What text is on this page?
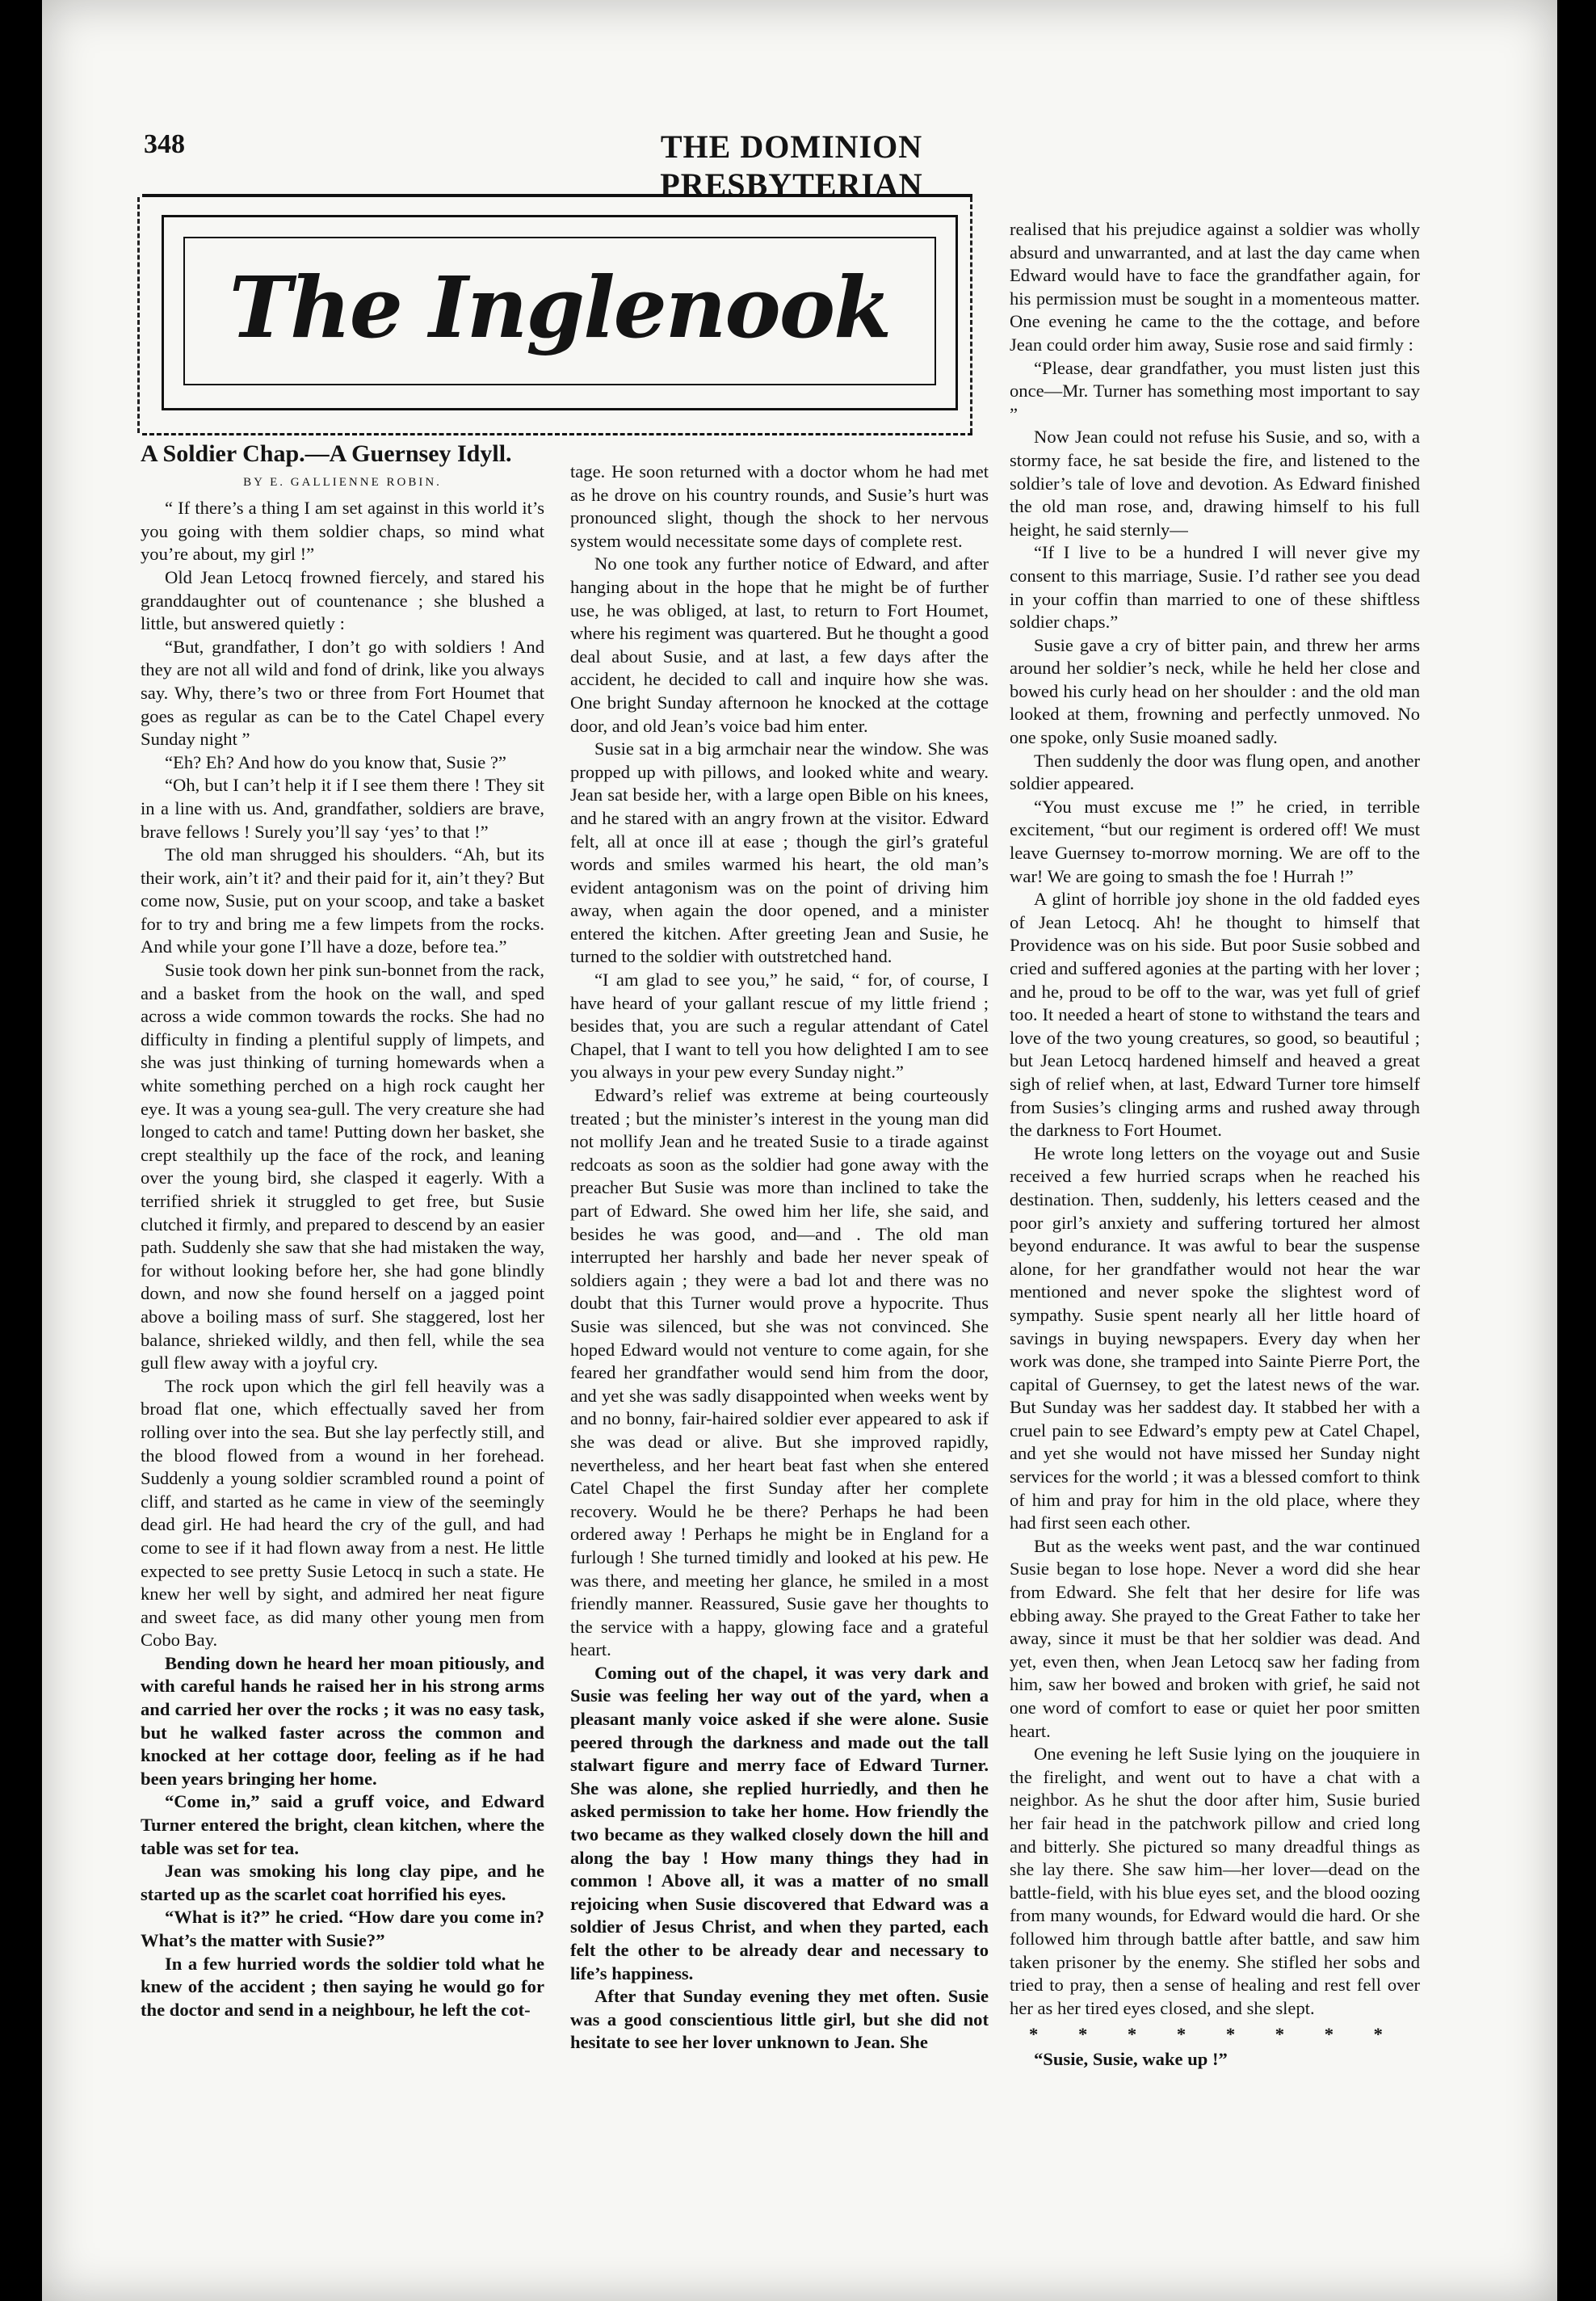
348	THE DOMINION PRESBYTERIAN
The Inglenook
A Soldier Chap.—A Guernsey Idyll.
BY E. GALLIENNE ROBIN.

“ If there’s a thing I am set against in this world it’s you going with them soldier chaps, so mind what you’re about, my girl !”

Old Jean Letocq frowned fiercely, and stared his granddaughter out of countenance ; she blushed a little, but answered quietly :

“But, grandfather, I don’t go with soldiers ! And they are not all wild and fond of drink, like you always say. Why, there’s two or three from Fort Houmet that goes as regular as can be to the Catel Chapel every Sunday night ”

“Eh? Eh? And how do you know that, Susie ?”

“Oh, but I can’t help it if I see them there ! They sit in a line with us. And, grandfather, soldiers are brave, brave fellows ! Surely you’ll say ‘yes’ to that !”

The old man shrugged his shoulders. “Ah, but its their work, ain’t it? and their paid for it, ain’t they? But come now, Susie, put on your scoop, and take a basket for to try and bring me a few limpets from the rocks. And while your gone I’ll have a doze, before tea.”

Susie took down her pink sun-bonnet from the rack, and a basket from the hook on the wall, and sped across a wide common towards the rocks. She had no difficulty in finding a plentiful supply of limpets, and she was just thinking of turning homewards when a white something perched on a high rock caught her eye. It was a young sea-gull. The very creature she had longed to catch and tame! Putting down her basket, she crept stealthily up the face of the rock, and leaning over the young bird, she clasped it eagerly. With a terrified shriek it struggled to get free, but Susie clutched it firmly, and prepared to descend by an easier path. Suddenly she saw that she had mistaken the way, for without looking before her, she had gone blindly down, and now she found herself on a jagged point above a boiling mass of surf. She staggered, lost her balance, shrieked wildly, and then fell, while the sea gull flew away with a joyful cry.

The rock upon which the girl fell heavily was a broad flat one, which effectually saved her from rolling over into the sea. But she lay perfectly still, and the blood flowed from a wound in her forehead. Suddenly a young soldier scrambled round a point of cliff, and started as he came in view of the seemingly dead girl. He had heard the cry of the gull, and had come to see if it had flown away from a nest. He little expected to see pretty Susie Letocq in such a state. He knew her well by sight, and admired her neat figure and sweet face, as did many other young men from Cobo Bay.

Bending down he heard her moan pitiously, and with careful hands he raised her in his strong arms and carried her over the rocks ; it was no easy task, but he walked faster across the common and knocked at her cottage door, feeling as if he had been years bringing her home.

“Come in,” said a gruff voice, and Edward Turner entered the bright, clean kitchen, where the table was set for tea.

Jean was smoking his long clay pipe, and he started up as the scarlet coat horrified his eyes.

“What is it?” he cried. “How dare you come in? What’s the matter with Susie?”

In a few hurried words the soldier told what he knew of the accident ; then saying he would go for the doctor and send in a neighbour, he left the cot-

tage. He soon returned with a doctor whom he had met as he drove on his country rounds, and Susie’s hurt was pronounced slight, though the shock to her nervous system would necessitate some days of complete rest.

No one took any further notice of Edward, and after hanging about in the hope that he might be of further use, he was obliged, at last, to return to Fort Houmet, where his regiment was quartered. But he thought a good deal about Susie, and at last, a few days after the accident, he decided to call and inquire how she was. One bright Sunday afternoon he knocked at the cottage door, and old Jean’s voice bad him enter.

Susie sat in a big armchair near the window. She was propped up with pillows, and looked white and weary. Jean sat beside her, with a large open Bible on his knees, and he stared with an angry frown at the visitor. Edward felt, all at once ill at ease ; though the girl’s grateful words and smiles warmed his heart, the old man’s evident antagonism was on the point of driving him away, when again the door opened, and a minister entered the kitchen. After greeting Jean and Susie, he turned to the soldier with outstretched hand.

“I am glad to see you,” he said, “ for, of course, I have heard of your gallant rescue of my little friend ; besides that, you are such a regular attendant of Catel Chapel, that I want to tell you how delighted I am to see you always in your pew every Sunday night.”

Edward’s relief was extreme at being courteously treated ; but the minister’s interest in the young man did not mollify Jean and he treated Susie to a tirade against redcoats as soon as the soldier had gone away with the preacher But Susie was more than inclined to take the part of Edward. She owed him her life, she said, and besides he was good, and—and . The old man interrupted her harshly and bade her never speak of soldiers again ; they were a bad lot and there was no doubt that this Turner would prove a hypocrite. Thus Susie was silenced, but she was not convinced. She hoped Edward would not venture to come again, for she feared her grandfather would send him from the door, and yet she was sadly disappointed when weeks went by and no bonny, fair-haired soldier ever appeared to ask if she was dead or alive. But she improved rapidly, nevertheless, and her heart beat fast when she entered Catel Chapel the first Sunday after her complete recovery. Would he be there? Perhaps he had been ordered away ! Perhaps he might be in England for a furlough ! She turned timidly and looked at his pew. He was there, and meeting her glance, he smiled in a most friendly manner. Reassured, Susie gave her thoughts to the service with a happy, glowing face and a grateful heart.

Coming out of the chapel, it was very dark and Susie was feeling her way out of the yard, when a pleasant manly voice asked if she were alone. Susie peered through the darkness and made out the tall stalwart figure and merry face of Edward Turner. She was alone, she replied hurriedly, and then he asked permission to take her home. How friendly the two became as they walked closely down the hill and along the bay ! How many things they had in common ! Above all, it was a matter of no small rejoicing when Susie discovered that Edward was a soldier of Jesus Christ, and when they parted, each felt the other to be already dear and necessary to life’s happiness.

After that Sunday evening they met often. Susie was a good conscientious little girl, but she did not hesitate to see her lover unknown to Jean. She

realised that his prejudice against a soldier was wholly absurd and unwarranted, and at last the day came when Edward would have to face the grandfather again, for his permission must be sought in a momenteous matter. One evening he came to the the cottage, and before Jean could order him away, Susie rose and said firmly :

“Please, dear grandfather, you must listen just this once—Mr. Turner has something most important to say ”

Now Jean could not refuse his Susie, and so, with a stormy face, he sat beside the fire, and listened to the soldier’s tale of love and devotion. As Edward finished the old man rose, and, drawing himself to his full height, he said sternly—

“If I live to be a hundred I will never give my consent to this marriage, Susie. I’d rather see you dead in your coffin than married to one of these shiftless soldier chaps.”

Susie gave a cry of bitter pain, and threw her arms around her soldier’s neck, while he held her close and bowed his curly head on her shoulder : and the old man looked at them, frowning and perfectly unmoved. No one spoke, only Susie moaned sadly.

Then suddenly the door was flung open, and another soldier appeared.

“You must excuse me !” he cried, in terrible excitement, “but our regiment is ordered off! We must leave Guernsey to-morrow morning. We are off to the war! We are going to smash the foe ! Hurrah !”

A glint of horrible joy shone in the old fadded eyes of Jean Letocq. Ah! he thought to himself that Providence was on his side. But poor Susie sobbed and cried and suffered agonies at the parting with her lover ; and he, proud to be off to the war, was yet full of grief too. It needed a heart of stone to withstand the tears and love of the two young creatures, so good, so beautiful ; but Jean Letocq hardened himself and heaved a great sigh of relief when, at last, Edward Turner tore himself from Susies’s clinging arms and rushed away through the darkness to Fort Houmet.

He wrote long letters on the voyage out and Susie received a few hurried scraps when he reached his destination. Then, suddenly, his letters ceased and the poor girl’s anxiety and suffering tortured her almost beyond endurance. It was awful to bear the suspense alone, for her grandfather would not hear the war mentioned and never spoke the slightest word of sympathy. Susie spent nearly all her little hoard of savings in buying newspapers. Every day when her work was done, she tramped into Sainte Pierre Port, the capital of Guernsey, to get the latest news of the war. But Sunday was her saddest day. It stabbed her with a cruel pain to see Edward’s empty pew at Catel Chapel, and yet she would not have missed her Sunday night services for the world ; it was a blessed comfort to think of him and pray for him in the old place, where they had first seen each other.

But as the weeks went past, and the war continued Susie began to lose hope. Never a word did she hear from Edward. She felt that her desire for life was ebbing away. She prayed to the Great Father to take her away, since it must be that her soldier was dead. And yet, even then, when Jean Letocq saw her fading from him, saw her bowed and broken with grief, he said not one word of comfort to ease or quiet her poor smitten heart.

One evening he left Susie lying on the jouquiere in the firelight, and went out to have a chat with a neighbor. As he shut the door after him, Susie buried her fair head in the patchwork pillow and cried long and bitterly. She pictured so many dreadful things as she lay there. She saw him—her lover—dead on the battle-field, with his blue eyes set, and the blood oozing from many wounds, for Edward would die hard. Or she followed him through battle after battle, and saw him taken prisoner by the enemy. She stifled her sobs and tried to pray, then a sense of healing and rest fell over her as her tired eyes closed, and she slept.

* * * * * * * *

“Susie, Susie, wake up !”
